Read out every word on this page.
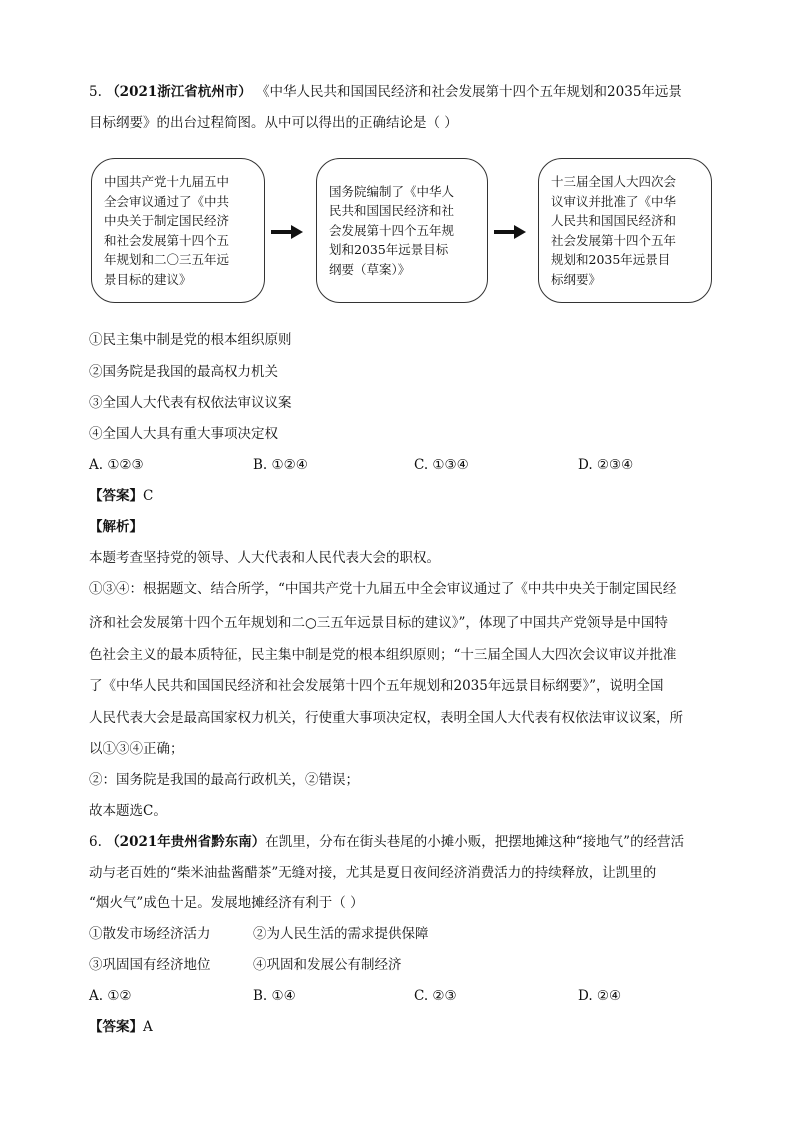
5. （2021浙江省杭州市） 《中华人民共和国国民经济和社会发展第十四个五年规划和2035年远景
目标纲要》的出台过程简图。从中可以得出的正确结论是（ ）
中国共产党十九届五中
全会审议通过了《中共
中央关于制定国民经济
和社会发展第十四个五
年规划和二〇三五年远
景目标的建议》
国务院编制了《中华人
民共和国国民经济和社
会发展第十四个五年规
划和2035年远景目标
纲要（草案）》
十三届全国人大四次会
议审议并批准了《中华
人民共和国国民经济和
社会发展第十四个五年
规划和2035年远景目
标纲要》
①民主集中制是党的根本组织原则
②国务院是我国的最高权力机关
③全国人大代表有权依法审议议案
④全国人大具有重大事项决定权
A. ①②③	B. ①②④	C. ①③④	D. ②③④
【答案】C
【解析】
本题考查坚持党的领导、人大代表和人民代表大会的职权。
①③④：根据题文、结合所学，“中国共产党十九届五中全会审议通过了《中共中央关于制定国民经
济和社会发展第十四个五年规划和二○三五年远景目标的建议》”，体现了中国共产党领导是中国特
色社会主义的最本质特征，民主集中制是党的根本组织原则；“十三届全国人大四次会议审议并批准
了《中华人民共和国国民经济和社会发展第十四个五年规划和2035年远景目标纲要》”，说明全国
人民代表大会是最高国家权力机关，行使重大事项决定权，表明全国人大代表有权依法审议议案，所
以①③④正确；
②：国务院是我国的最高行政机关，②错误；
故本题选C。
6. （2021年贵州省黔东南）在凯里，分布在街头巷尾的小摊小贩，把摆地摊这种“接地气”的经营活
动与老百姓的“柴米油盐酱醋茶”无缝对接，尤其是夏日夜间经济消费活力的持续释放，让凯里的
“烟火气”成色十足。发展地摊经济有利于（ ）
①散发市场经济活力	②为人民生活的需求提供保障
③巩固国有经济地位	④巩固和发展公有制经济
A. ①②	B. ①④	C. ②③	D. ②④
【答案】A
